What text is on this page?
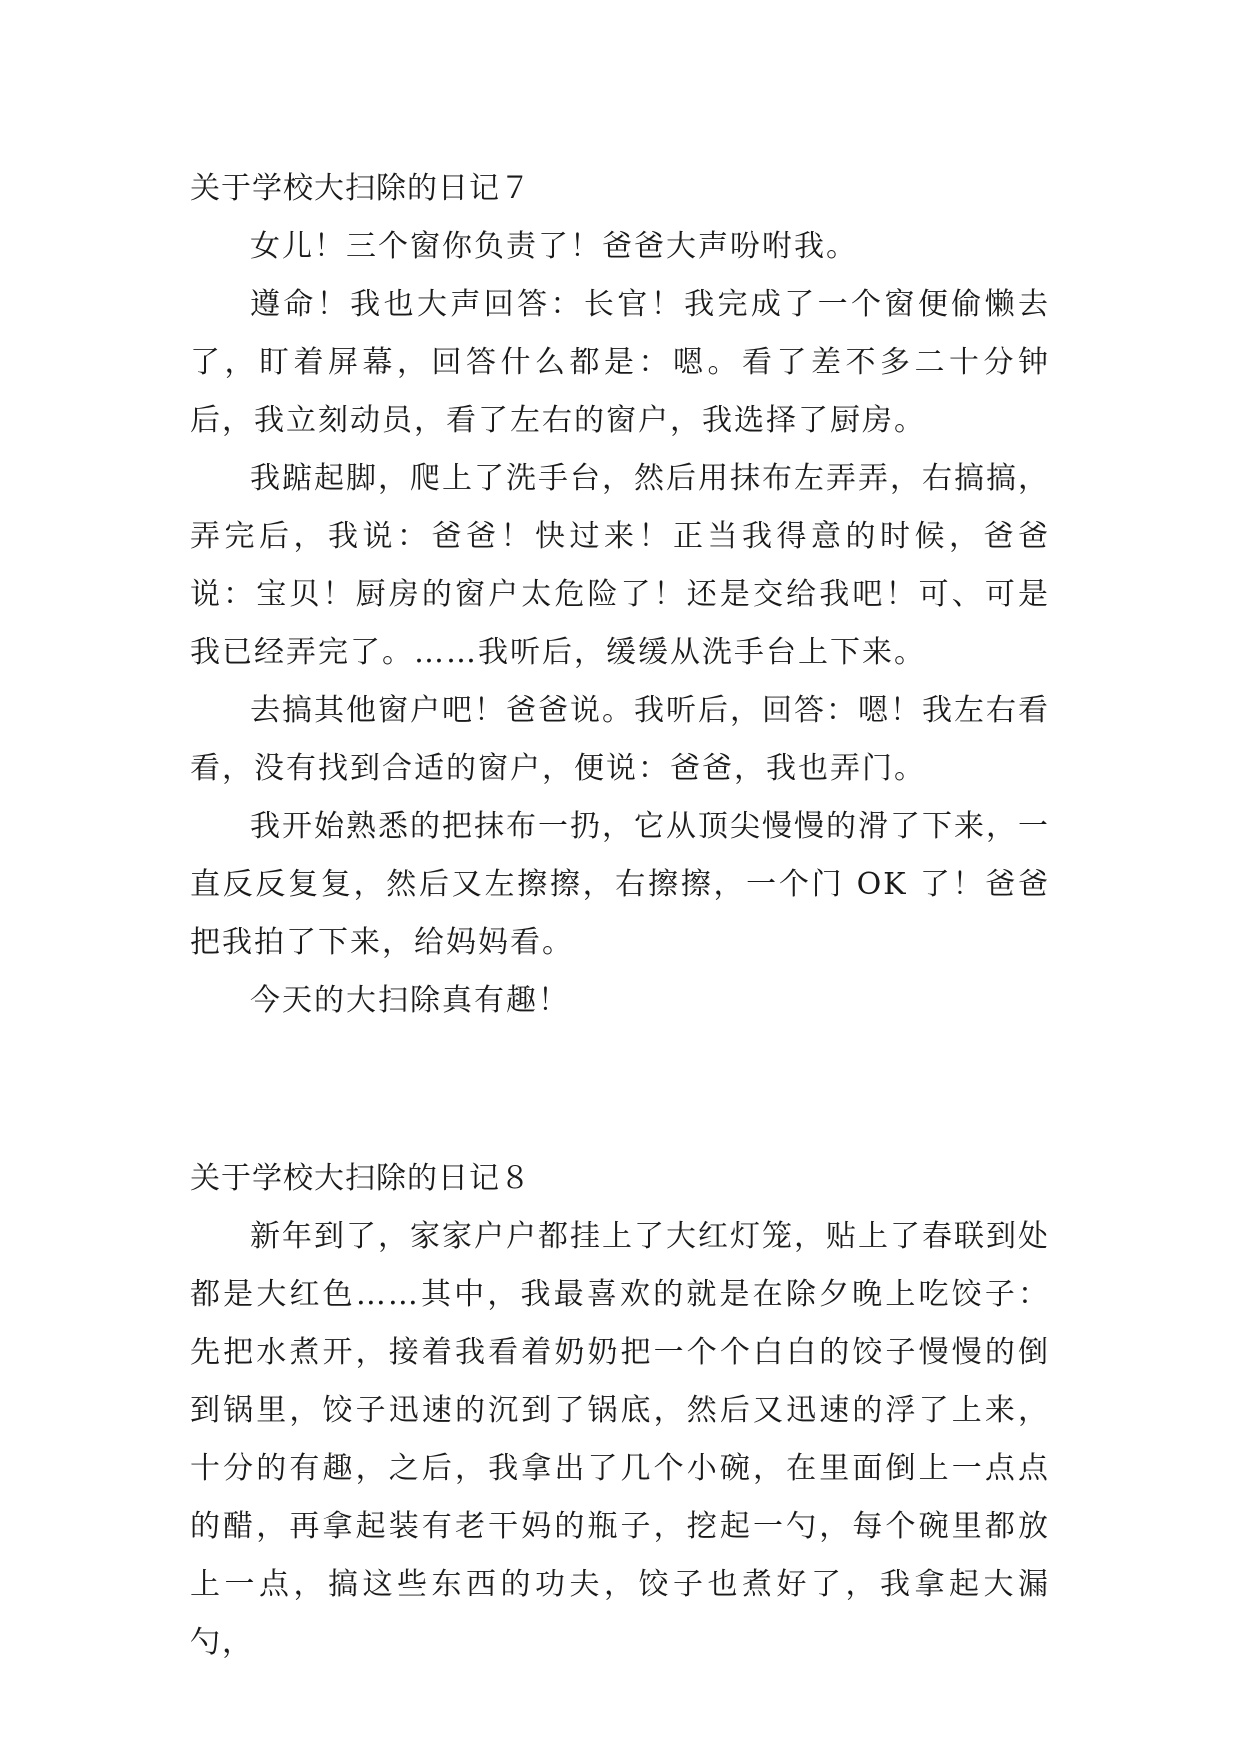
关于学校大扫除的日记７

女儿！三个窗你负责了！爸爸大声吩咐我。

遵命！我也大声回答：长官！我完成了一个窗便偷懒去了，盯着屏幕，回答什么都是：嗯。看了差不多二十分钟后，我立刻动员，看了左右的窗户，我选择了厨房。

我踮起脚，爬上了洗手台，然后用抹布左弄弄，右搞搞，弄完后，我说：爸爸！快过来！正当我得意的时候，爸爸说：宝贝！厨房的窗户太危险了！还是交给我吧！可、可是我已经弄完了。……我听后，缓缓从洗手台上下来。

去搞其他窗户吧！爸爸说。我听后，回答：嗯！我左右看看，没有找到合适的窗户，便说：爸爸，我也弄门。

我开始熟悉的把抹布一扔，它从顶尖慢慢的滑了下来，一直反反复复，然后又左擦擦，右擦擦，一个门 OK 了！爸爸把我拍了下来，给妈妈看。

今天的大扫除真有趣！

关于学校大扫除的日记８

新年到了，家家户户都挂上了大红灯笼，贴上了春联到处都是大红色……其中，我最喜欢的就是在除夕晚上吃饺子：先把水煮开，接着我看着奶奶把一个个白白的饺子慢慢的倒到锅里，饺子迅速的沉到了锅底，然后又迅速的浮了上来，十分的有趣，之后，我拿出了几个小碗，在里面倒上一点点的醋，再拿起装有老干妈的瓶子，挖起一勺，每个碗里都放上一点，搞这些东西的功夫，饺子也煮好了，我拿起大漏勺，
